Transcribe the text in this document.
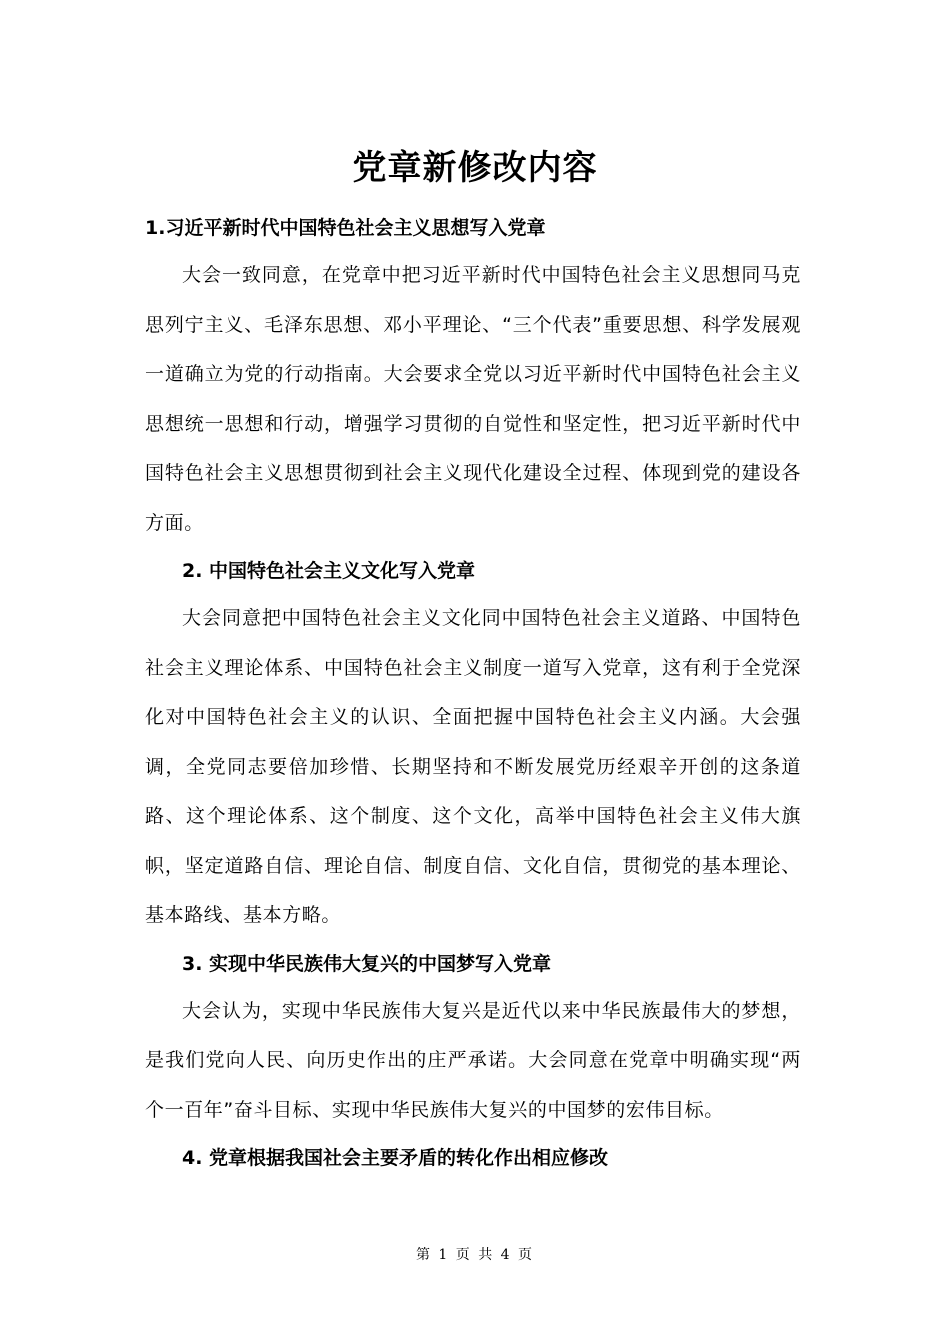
党章新修改内容

1.习近平新时代中国特色社会主义思想写入党章

大会一致同意，在党章中把习近平新时代中国特色社会主义思想同马克思列宁主义、毛泽东思想、邓小平理论、“三个代表”重要思想、科学发展观一道确立为党的行动指南。大会要求全党以习近平新时代中国特色社会主义思想统一思想和行动，增强学习贯彻的自觉性和坚定性，把习近平新时代中国特色社会主义思想贯彻到社会主义现代化建设全过程、体现到党的建设各方面。

2. 中国特色社会主义文化写入党章

大会同意把中国特色社会主义文化同中国特色社会主义道路、中国特色社会主义理论体系、中国特色社会主义制度一道写入党章，这有利于全党深化对中国特色社会主义的认识、全面把握中国特色社会主义内涵。大会强调，全党同志要倍加珍惜、长期坚持和不断发展党历经艰辛开创的这条道路、这个理论体系、这个制度、这个文化，高举中国特色社会主义伟大旗帜，坚定道路自信、理论自信、制度自信、文化自信，贯彻党的基本理论、基本路线、基本方略。

3. 实现中华民族伟大复兴的中国梦写入党章

大会认为，实现中华民族伟大复兴是近代以来中华民族最伟大的梦想，是我们党向人民、向历史作出的庄严承诺。大会同意在党章中明确实现“两个一百年”奋斗目标、实现中华民族伟大复兴的中国梦的宏伟目标。

4. 党章根据我国社会主要矛盾的转化作出相应修改

第 1 页 共 4 页
